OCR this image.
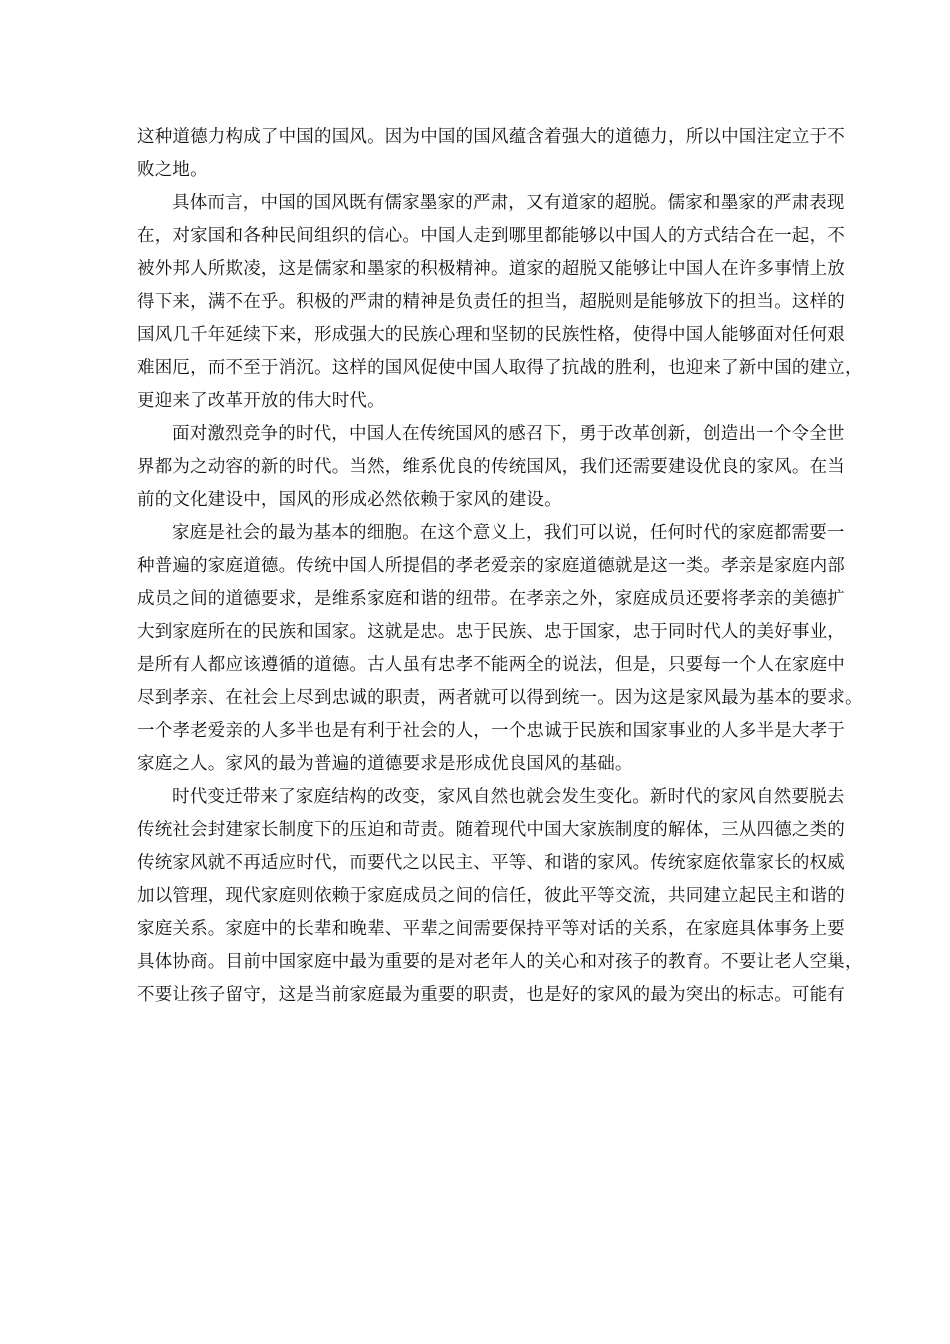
这种道德力构成了中国的国风。因为中国的国风蕴含着强大的道德力，所以中国注定立于不
败之地。
具体而言，中国的国风既有儒家墨家的严肃，又有道家的超脱。儒家和墨家的严肃表现
在，对家国和各种民间组织的信心。中国人走到哪里都能够以中国人的方式结合在一起，不
被外邦人所欺凌，这是儒家和墨家的积极精神。道家的超脱又能够让中国人在许多事情上放
得下来，满不在乎。积极的严肃的精神是负责任的担当，超脱则是能够放下的担当。这样的
国风几千年延续下来，形成强大的民族心理和坚韧的民族性格，使得中国人能够面对任何艰
难困厄，而不至于消沉。这样的国风促使中国人取得了抗战的胜利，也迎来了新中国的建立，
更迎来了改革开放的伟大时代。
面对激烈竞争的时代，中国人在传统国风的感召下，勇于改革创新，创造出一个令全世
界都为之动容的新的时代。当然，维系优良的传统国风，我们还需要建设优良的家风。在当
前的文化建设中，国风的形成必然依赖于家风的建设。
家庭是社会的最为基本的细胞。在这个意义上，我们可以说，任何时代的家庭都需要一
种普遍的家庭道德。传统中国人所提倡的孝老爱亲的家庭道德就是这一类。孝亲是家庭内部
成员之间的道德要求，是维系家庭和谐的纽带。在孝亲之外，家庭成员还要将孝亲的美德扩
大到家庭所在的民族和国家。这就是忠。忠于民族、忠于国家，忠于同时代人的美好事业，
是所有人都应该遵循的道德。古人虽有忠孝不能两全的说法，但是，只要每一个人在家庭中
尽到孝亲、在社会上尽到忠诚的职责，两者就可以得到统一。因为这是家风最为基本的要求。
一个孝老爱亲的人多半也是有利于社会的人，一个忠诚于民族和国家事业的人多半是大孝于
家庭之人。家风的最为普遍的道德要求是形成优良国风的基础。
时代变迁带来了家庭结构的改变，家风自然也就会发生变化。新时代的家风自然要脱去
传统社会封建家长制度下的压迫和苛责。随着现代中国大家族制度的解体，三从四德之类的
传统家风就不再适应时代，而要代之以民主、平等、和谐的家风。传统家庭依靠家长的权威
加以管理，现代家庭则依赖于家庭成员之间的信任，彼此平等交流，共同建立起民主和谐的
家庭关系。家庭中的长辈和晚辈、平辈之间需要保持平等对话的关系，在家庭具体事务上要
具体协商。目前中国家庭中最为重要的是对老年人的关心和对孩子的教育。不要让老人空巢，
不要让孩子留守，这是当前家庭最为重要的职责，也是好的家风的最为突出的标志。可能有
